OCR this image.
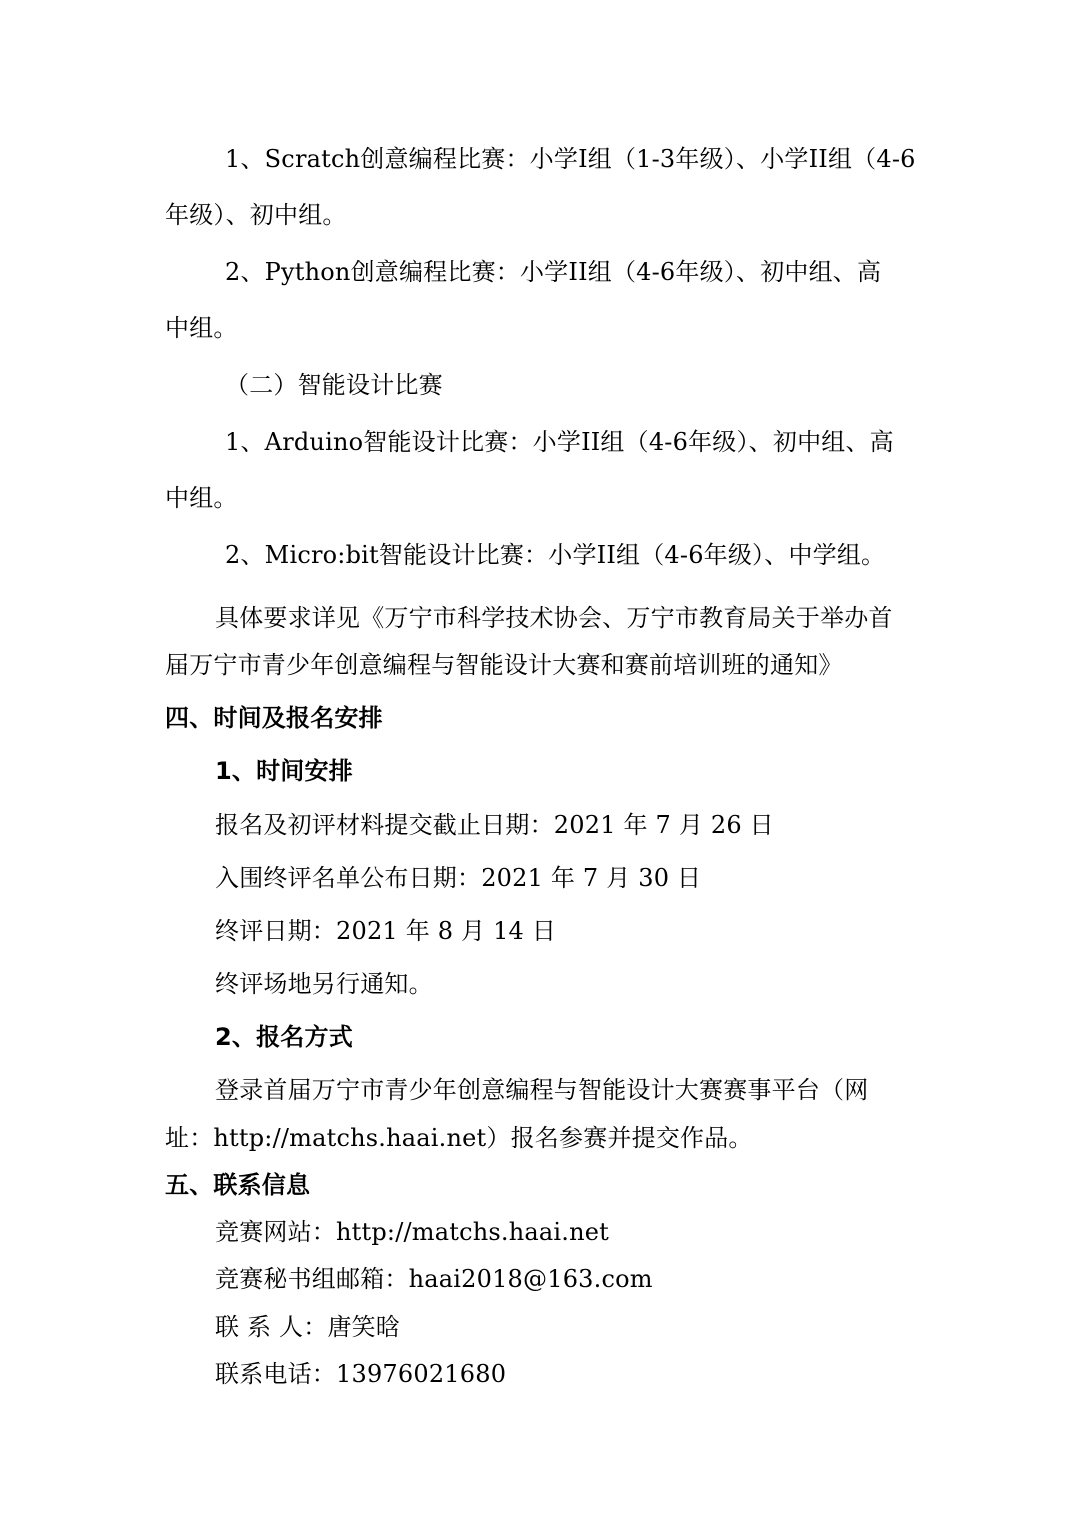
1、Scratch创意编程比赛：小学I组（1-3年级）、小学II组（4-6
年级）、初中组。
2、Python创意编程比赛：小学II组（4-6年级）、初中组、高
中组。
（二）智能设计比赛
1、Arduino智能设计比赛：小学II组（4-6年级）、初中组、高
中组。
2、Micro:bit智能设计比赛：小学II组（4-6年级）、中学组。
具体要求详见《万宁市科学技术协会、万宁市教育局关于举办首
届万宁市青少年创意编程与智能设计大赛和赛前培训班的通知》
四、时间及报名安排
1、时间安排
报名及初评材料提交截止日期：2021 年 7 月 26 日
入围终评名单公布日期：2021 年 7 月 30 日
终评日期：2021 年 8 月 14 日
终评场地另行通知。
2、报名方式
登录首届万宁市青少年创意编程与智能设计大赛赛事平台（网
址：http://matchs.haai.net）报名参赛并提交作品。
五、联系信息
竞赛网站：http://matchs.haai.net
竞赛秘书组邮箱：haai2018@163.com
联 系 人：唐笑晗
联系电话：13976021680
